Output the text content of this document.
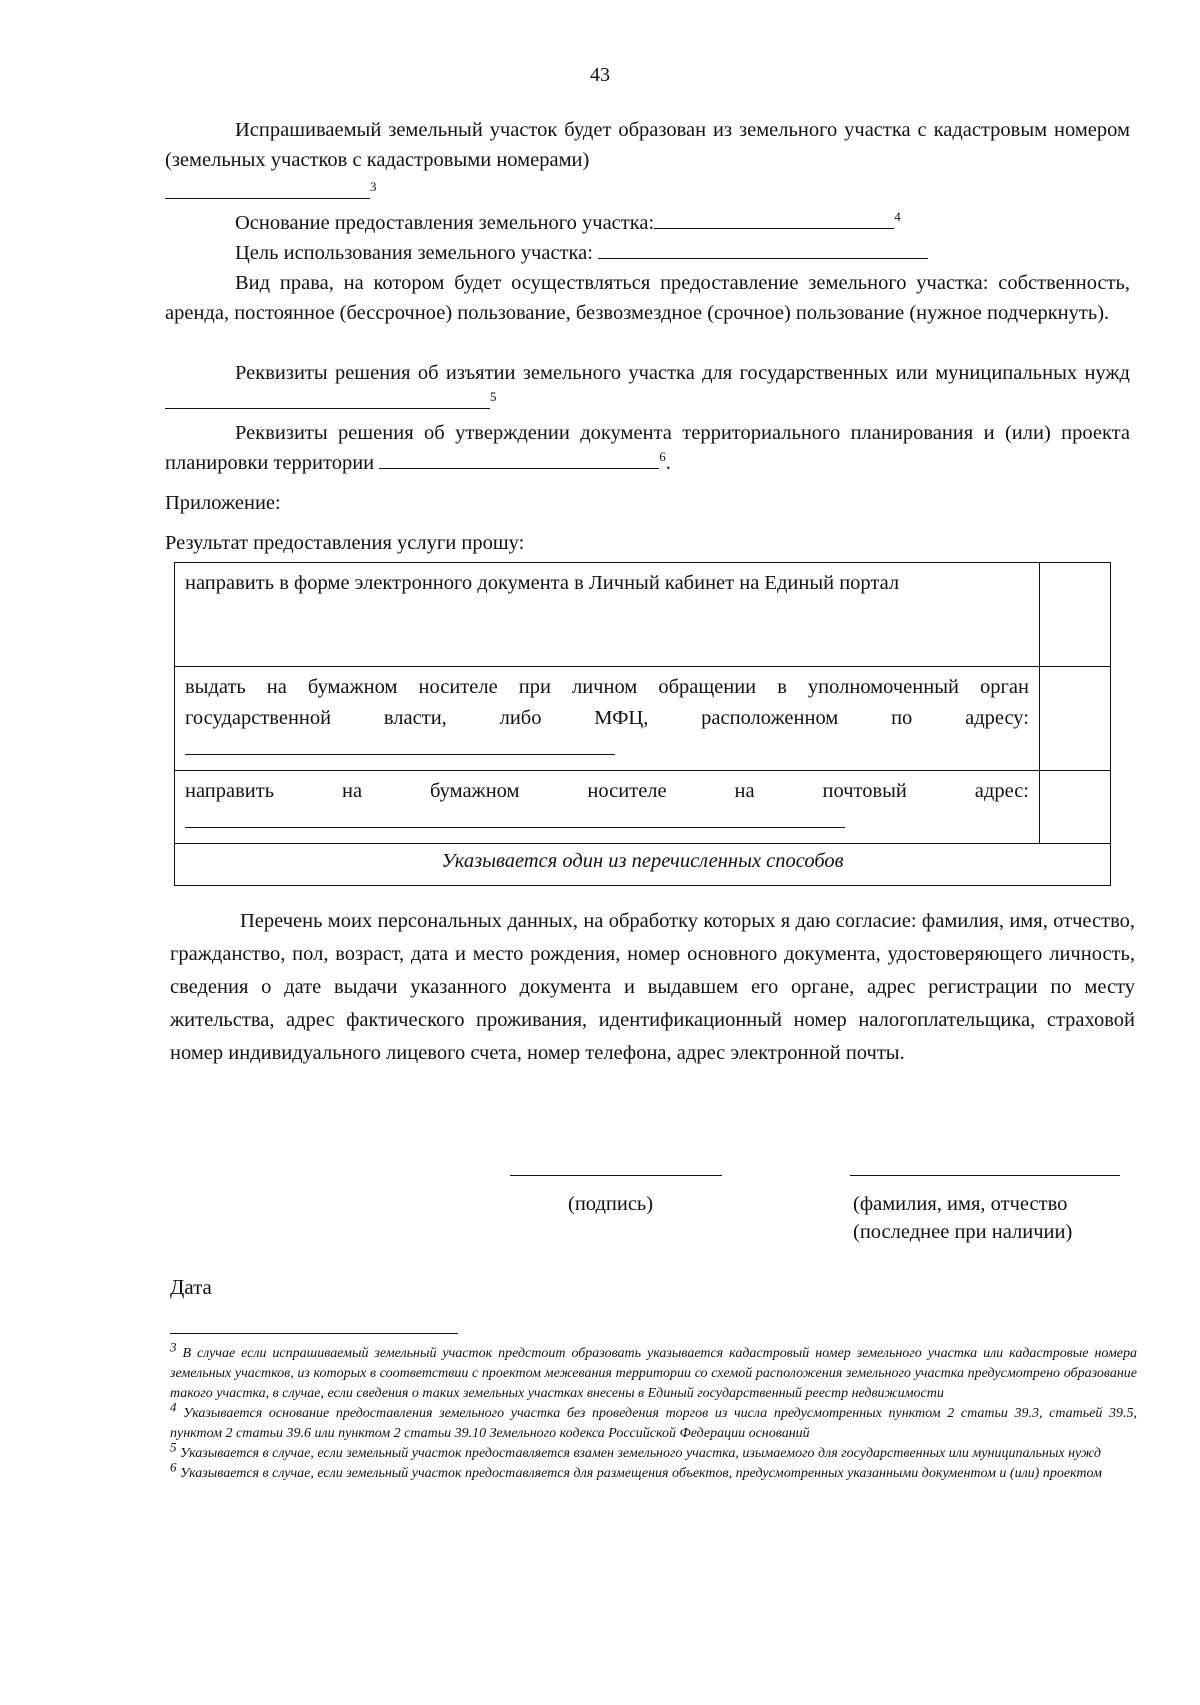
43
Испрашиваемый земельный участок будет образован из земельного участка с кадастровым номером (земельных участков с кадастровыми номерами)
$^3$
Основание предоставления земельного участка:	$^4$
Цель использования земельного участка:
Вид права, на котором будет осуществляться предоставление земельного участка: собственность, аренда, постоянное (бессрочное) пользование, безвозмездное (срочное) пользование (нужное подчеркнуть).
Реквизиты решения об изъятии земельного участка для государственных или муниципальных нужд $^5$
Реквизиты решения об утверждении документа территориального планирования и (или) проекта планировки территории	$^6$.
Приложение:
Результат предоставления услуги прошу:
направить в форме электронного документа в Личный кабинет на Единый портал	
выдать на бумажном носителе при личном обращении в уполномоченный орган государственной власти, либо МФЦ, расположенном по адресу:	
направить на бумажном носителе на почтовый адрес:	
Указывается один из перечисленных способов	
Перечень моих персональных данных, на обработку которых я даю согласие: фамилия, имя, отчество, гражданство, пол, возраст, дата и место рождения, номер основного документа, удостоверяющего личность, сведения о дате выдачи указанного документа и выдавшем его органе, адрес регистрации по месту жительства, адрес фактического проживания, идентификационный номер налогоплательщика, страховой номер индивидуального лицевого счета, номер телефона, адрес электронной почты.
(подпись)	(фамилия, имя, отчество
(последнее при наличии)
Дата

$^3$ В случае если испрашиваемый земельный участок предстоит образовать указывается кадастровый номер земельного участка или кадастровые номера земельных участков, из которых в соответствии с проектом межевания территории со схемой расположения земельного участка предусмотрено образование такого участка, в случае, если сведения о таких земельных участках внесены в Единый государственный реестр недвижимости

$^4$ Указывается основание предоставления земельного участка без проведения торгов из числа предусмотренных пунктом 2 статьи 39.3, статьей 39.5, пунктом 2 статьи 39.6 или пунктом 2 статьи 39.10 Земельного кодекса Российской Федерации оснований

$^5$ Указывается в случае, если земельный участок предоставляется взамен земельного участка, изымаемого для государственных или муниципальных нужд

$^6$ Указывается в случае, если земельный участок предоставляется для размещения объектов, предусмотренных указанными документом и (или) проектом
